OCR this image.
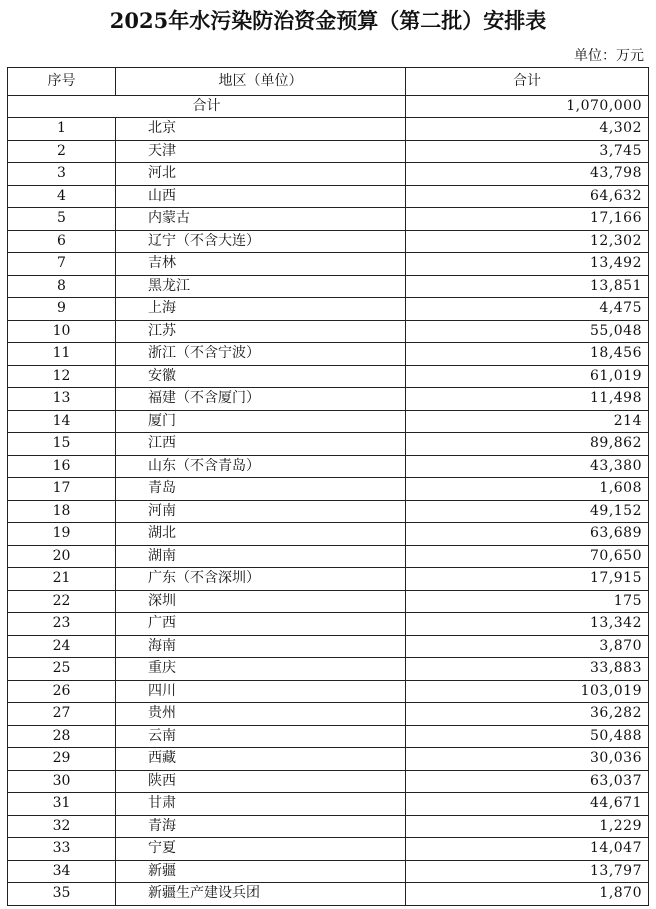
2025年水污染防治资金预算（第二批）安排表
单位：万元
序号	地区（单位）	合计
合计		1,070,000
1	北京	4,302
2	天津	3,745
3	河北	43,798
4	山西	64,632
5	内蒙古	17,166
6	辽宁（不含大连）	12,302
7	吉林	13,492
8	黑龙江	13,851
9	上海	4,475
10	江苏	55,048
11	浙江（不含宁波）	18,456
12	安徽	61,019
13	福建（不含厦门）	11,498
14	厦门	214
15	江西	89,862
16	山东（不含青岛）	43,380
17	青岛	1,608
18	河南	49,152
19	湖北	63,689
20	湖南	70,650
21	广东（不含深圳）	17,915
22	深圳	175
23	广西	13,342
24	海南	3,870
25	重庆	33,883
26	四川	103,019
27	贵州	36,282
28	云南	50,488
29	西藏	30,036
30	陕西	63,037
31	甘肃	44,671
32	青海	1,229
33	宁夏	14,047
34	新疆	13,797
35	新疆生产建设兵团	1,870
